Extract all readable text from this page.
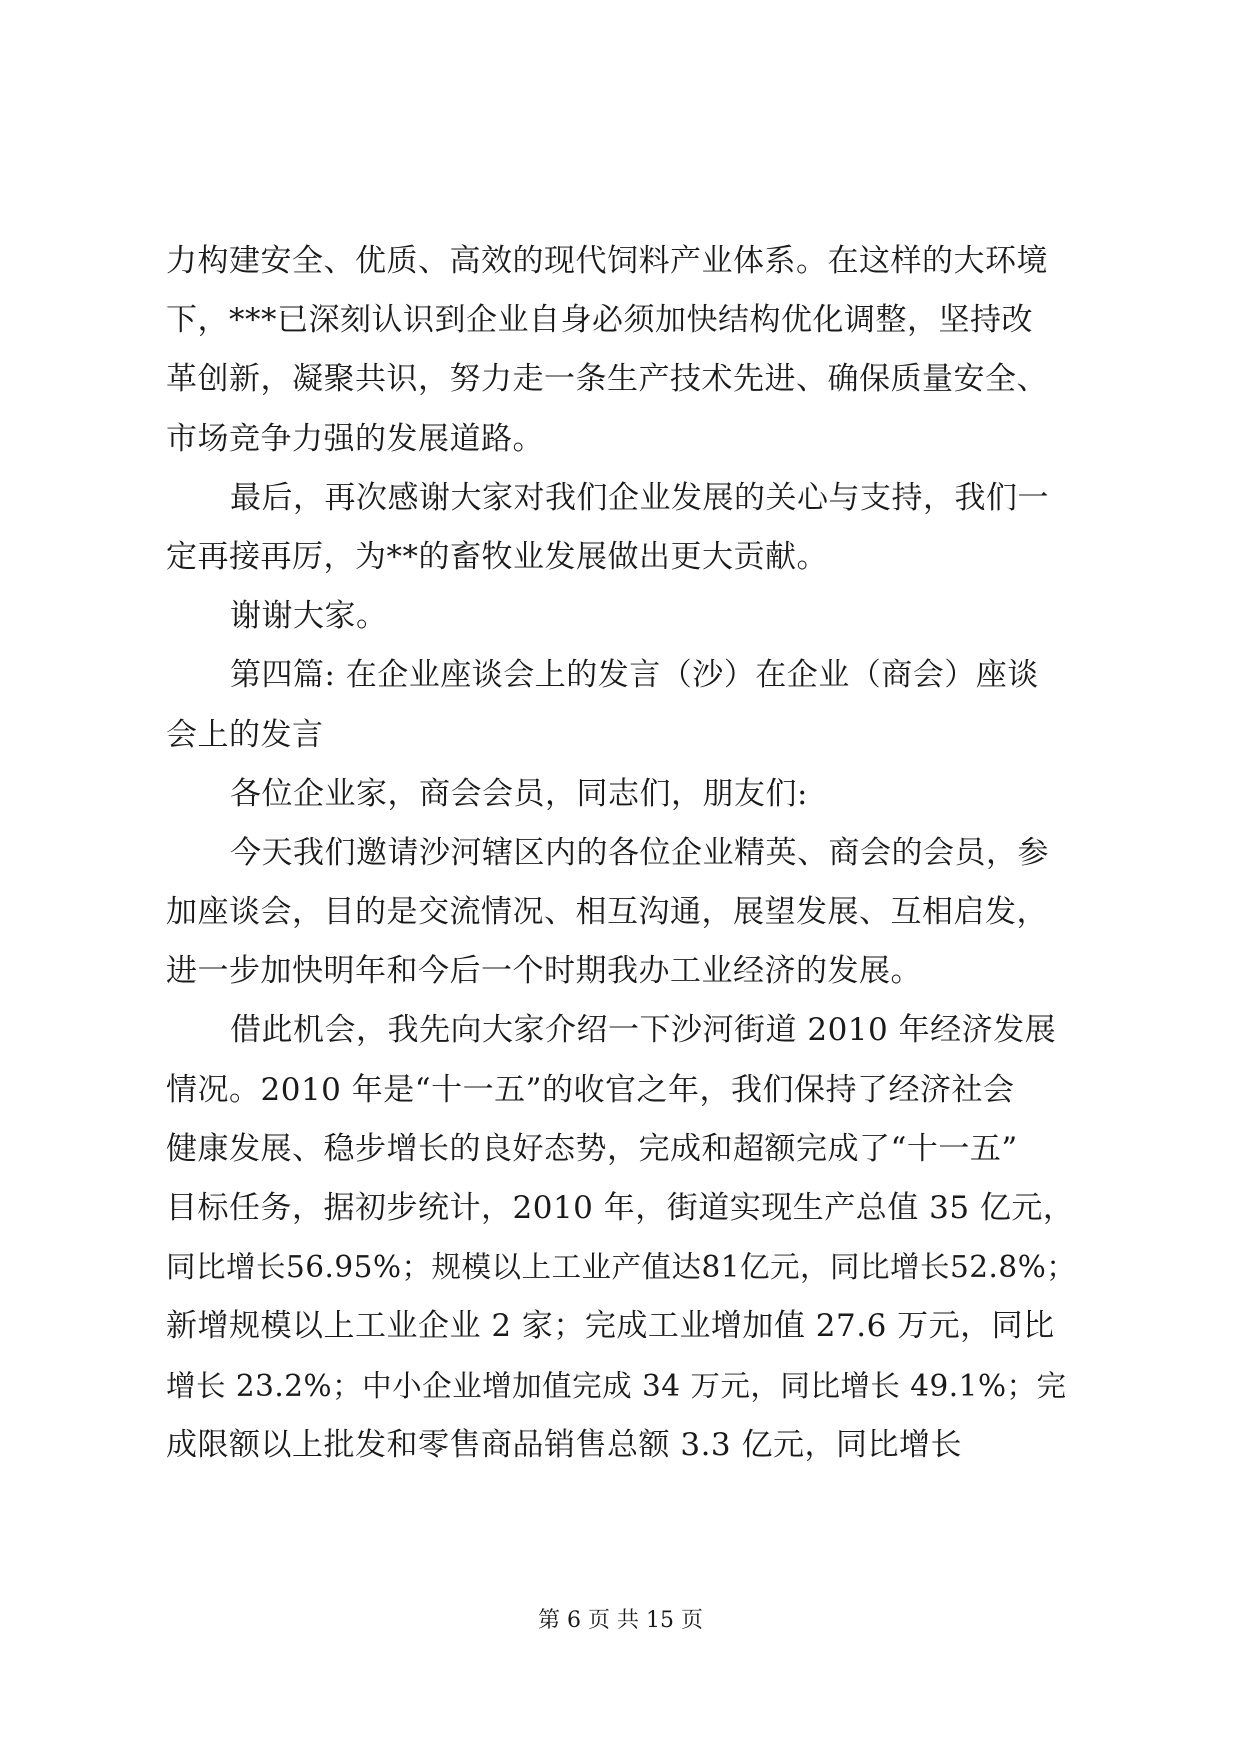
力构建安全、优质、高效的现代饲料产业体系。在这样的大环境
下，***已深刻认识到企业自身必须加快结构优化调整，坚持改
革创新，凝聚共识，努力走一条生产技术先进、确保质量安全、
市场竞争力强的发展道路。
最后，再次感谢大家对我们企业发展的关心与支持，我们一
定再接再厉，为**的畜牧业发展做出更大贡献。
谢谢大家。
第四篇: 在企业座谈会上的发言（沙）在企业（商会）座谈
会上的发言
各位企业家，商会会员，同志们，朋友们:
今天我们邀请沙河辖区内的各位企业精英、商会的会员，参
加座谈会，目的是交流情况、相互沟通，展望发展、互相启发，
进一步加快明年和今后一个时期我办工业经济的发展。
借此机会，我先向大家介绍一下沙河街道 2010 年经济发展
情况。2010 年是“十一五”的收官之年，我们保持了经济社会
健康发展、稳步增长的良好态势，完成和超额完成了“十一五”
目标任务，据初步统计，2010 年，街道实现生产总值 35 亿元，
同比增长56.95%；规模以上工业产值达81亿元，同比增长52.8%；
新增规模以上工业企业 2 家；完成工业增加值 27.6 万元，同比
增长 23.2%；中小企业增加值完成 34 万元，同比增长 49.1%；完
成限额以上批发和零售商品销售总额 3.3 亿元，同比增长
第 6 页 共 15 页
